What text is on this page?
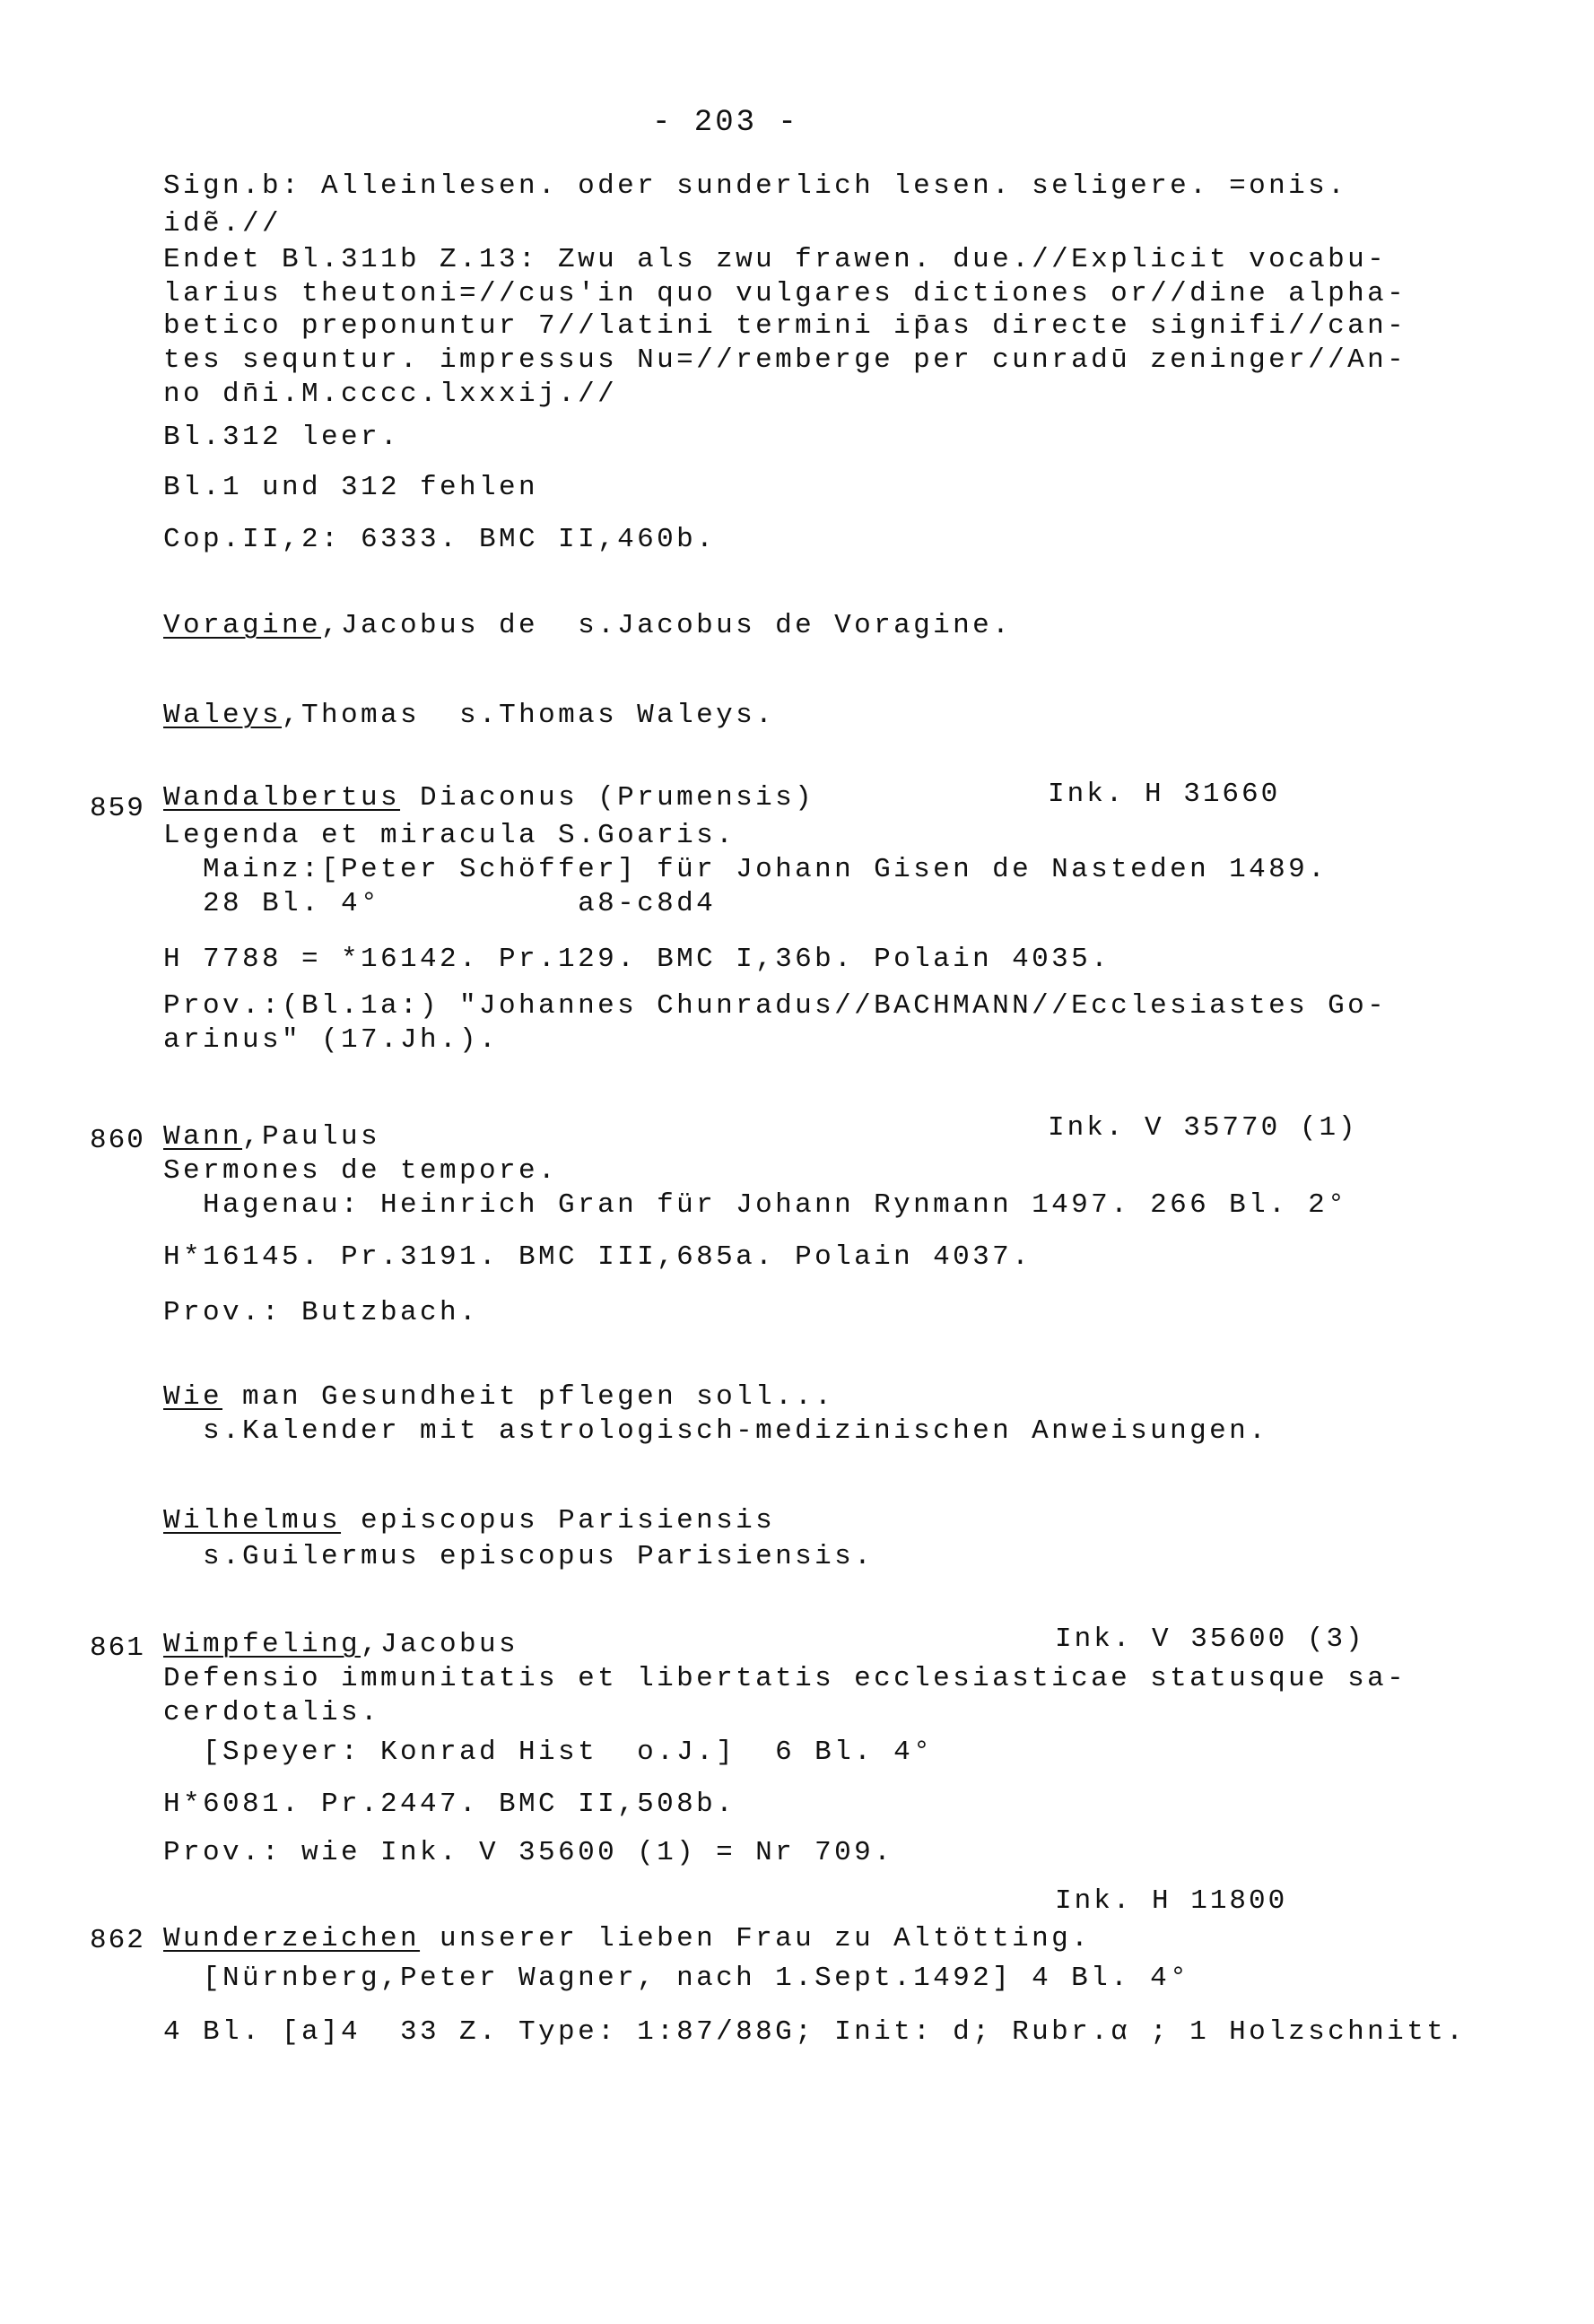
- 203 -
Sign.b: Alleinlesen. oder sunderlich lesen. seligere. =onis.
idẽ.//
Endet Bl.311b Z.13: Zwu als zwu frawen. due.//Explicit vocabu-
larius theutoni=//cus'in quo vulgares dictiones or//dine alpha-
betico preponuntur 7//latini termini ip̄as directe signifi//can-
tes sequntur. impressus Nu=//remberge per cunradū zeninger//An-
no dn̄i.M.cccc.lxxxij.//
Bl.312 leer.
Bl.1 und 312 fehlen
Cop.II,2: 6333. BMC II,460b.
Voragine,Jacobus de  s.Jacobus de Voragine.
Waleys,Thomas  s.Thomas Waleys.
859 Wandalbertus Diaconus (Prumensis)	Ink. H 31660
Legenda et miracula S.Goaris.
Mainz:[Peter Schöffer] für Johann Gisen de Nasteden 1489.
28 Bl. 4°          a8-c8d4
H 7788 = *16142. Pr.129. BMC I,36b. Polain 4035.
Prov.:(Bl.1a:) "Johannes Chunradus//BACHMANN//Ecclesiastes Go-
arinus" (17.Jh.).
860 Wann,Paulus	Ink. V 35770 (1)
Sermones de tempore.
Hagenau: Heinrich Gran für Johann Rynmann 1497. 266 Bl. 2°
H*16145. Pr.3191. BMC III,685a. Polain 4037.
Prov.: Butzbach.
Wie man Gesundheit pflegen soll...
s.Kalender mit astrologisch-medizinischen Anweisungen.
Wilhelmus episcopus Parisiensis
s.Guilermus episcopus Parisiensis.
861 Wimpfeling,Jacobus	Ink. V 35600 (3)
Defensio immunitatis et libertatis ecclesiasticae statusque sa-
cerdotalis.
[Speyer: Konrad Hist  o.J.]  6 Bl. 4°
H*6081. Pr.2447. BMC II,508b.
Prov.: wie Ink. V 35600 (1) = Nr 709.
Ink. H 11800
862 Wunderzeichen unserer lieben Frau zu Altötting.
[Nürnberg,Peter Wagner, nach 1.Sept.1492] 4 Bl. 4°
4 Bl. [a]4  33 Z. Type: 1:87/88G; Init: d; Rubr.α ; 1 Holzschnitt.
